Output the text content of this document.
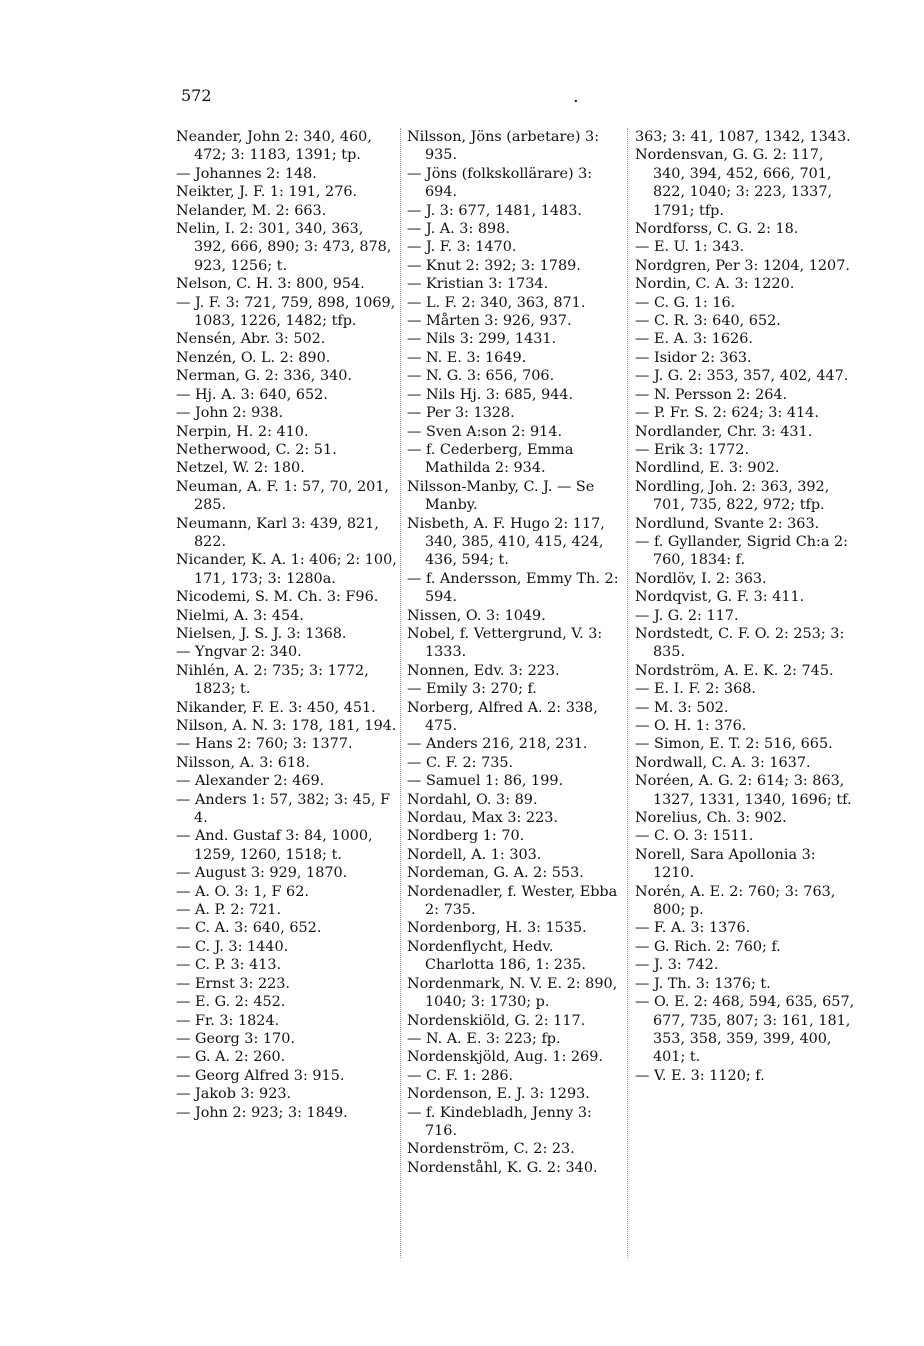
572	.
Neander, John 2: 340, 460, 472; 3: 1183, 1391; tp.
— Johannes 2: 148.
Neikter, J. F. 1: 191, 276.
Nelander, M. 2: 663.
Nelin, I. 2: 301, 340, 363, 392, 666, 890; 3: 473, 878, 923, 1256; t.
Nelson, C. H. 3: 800, 954.
— J. F. 3: 721, 759, 898, 1069, 1083, 1226, 1482; tfp.
Nensén, Abr. 3: 502.
Nenzén, O. L. 2: 890.
Nerman, G. 2: 336, 340.
— Hj. A. 3: 640, 652.
— John 2: 938.
Nerpin, H. 2: 410.
Netherwood, C. 2: 51.
Netzel, W. 2: 180.
Neuman, A. F. 1: 57, 70, 201, 285.
Neumann, Karl 3: 439, 821, 822.
Nicander, K. A. 1: 406; 2: 100, 171, 173; 3: 1280a.
Nicodemi, S. M. Ch. 3: F96.
Nielmi, A. 3: 454.
Nielsen, J. S. J. 3: 1368.
— Yngvar 2: 340.
Nihlén, A. 2: 735; 3: 1772, 1823; t.
Nikander, F. E. 3: 450, 451.
Nilson, A. N. 3: 178, 181, 194.
— Hans 2: 760; 3: 1377.
Nilsson, A. 3: 618.
— Alexander 2: 469.
— Anders 1: 57, 382; 3: 45, F 4.
— And. Gustaf 3: 84, 1000, 1259, 1260, 1518; t.
— August 3: 929, 1870.
— A. O. 3: 1, F 62.
— A. P. 2: 721.
— C. A. 3: 640, 652.
— C. J. 3: 1440.
— C. P. 3: 413.
— Ernst 3: 223.
— E. G. 2: 452.
— Fr. 3: 1824.
— Georg 3: 170.
— G. A. 2: 260.
— Georg Alfred 3: 915.
— Jakob 3: 923.
— John 2: 923; 3: 1849.
Nilsson, Jöns (arbetare) 3: 935.
— Jöns (folkskollärare) 3: 694.
— J. 3: 677, 1481, 1483.
— J. A. 3: 898.
— J. F. 3: 1470.
— Knut 2: 392; 3: 1789.
— Kristian 3: 1734.
— L. F. 2: 340, 363, 871.
— Mårten 3: 926, 937.
— Nils 3: 299, 1431.
— N. E. 3: 1649.
— N. G. 3: 656, 706.
— Nils Hj. 3: 685, 944.
— Per 3: 1328.
— Sven A:son 2: 914.
— f. Cederberg, Emma Mathilda 2: 934.
Nilsson-Manby, C. J. — Se Manby.
Nisbeth, A. F. Hugo 2: 117, 340, 385, 410, 415, 424, 436, 594; t.
— f. Andersson, Emmy Th. 2: 594.
Nissen, O. 3: 1049.
Nobel, f. Vettergrund, V. 3: 1333.
Nonnen, Edv. 3: 223.
— Emily 3: 270; f.
Norberg, Alfred A. 2: 338, 475.
— Anders 216, 218, 231.
— C. F. 2: 735.
— Samuel 1: 86, 199.
Nordahl, O. 3: 89.
Nordau, Max 3: 223.
Nordberg 1: 70.
Nordell, A. 1: 303.
Nordeman, G. A. 2: 553.
Nordenadler, f. Wester, Ebba 2: 735.
Nordenborg, H. 3: 1535.
Nordenflycht, Hedv. Charlotta 186, 1: 235.
Nordenmark, N. V. E. 2: 890, 1040; 3: 1730; p.
Nordenskiöld, G. 2: 117.
— N. A. E. 3: 223; fp.
Nordenskjöld, Aug. 1: 269.
— C. F. 1: 286.
Nordenson, E. J. 3: 1293.
— f. Kindebladh, Jenny 3: 716.
Nordenström, C. 2: 23.
Nordenståhl, K. G. 2: 340.
363; 3: 41, 1087, 1342, 1343.
Nordensvan, G. G. 2: 117, 340, 394, 452, 666, 701, 822, 1040; 3: 223, 1337, 1791; tfp.
Nordforss, C. G. 2: 18.
— E. U. 1: 343.
Nordgren, Per 3: 1204, 1207.
Nordin, C. A. 3: 1220.
— C. G. 1: 16.
— C. R. 3: 640, 652.
— E. A. 3: 1626.
— Isidor 2: 363.
— J. G. 2: 353, 357, 402, 447.
— N. Persson 2: 264.
— P. Fr. S. 2: 624; 3: 414.
Nordlander, Chr. 3: 431.
— Erik 3: 1772.
Nordlind, E. 3: 902.
Nordling, Joh. 2: 363, 392, 701, 735, 822, 972; tfp.
Nordlund, Svante 2: 363.
— f. Gyllander, Sigrid Ch:a 2: 760, 1834: f.
Nordlöv, I. 2: 363.
Nordqvist, G. F. 3: 411.
— J. G. 2: 117.
Nordstedt, C. F. O. 2: 253; 3: 835.
Nordström, A. E. K. 2: 745.
— E. I. F. 2: 368.
— M. 3: 502.
— O. H. 1: 376.
— Simon, E. T. 2: 516, 665.
Nordwall, C. A. 3: 1637.
Noréen, A. G. 2: 614; 3: 863, 1327, 1331, 1340, 1696; tf.
Norelius, Ch. 3: 902.
— C. O. 3: 1511.
Norell, Sara Apollonia 3: 1210.
Norén, A. E. 2: 760; 3: 763, 800; p.
— F. A. 3: 1376.
— G. Rich. 2: 760; f.
— J. 3: 742.
— J. Th. 3: 1376; t.
— O. E. 2: 468, 594, 635, 657, 677, 735, 807; 3: 161, 181, 353, 358, 359, 399, 400, 401; t.
— V. E. 3: 1120; f.
